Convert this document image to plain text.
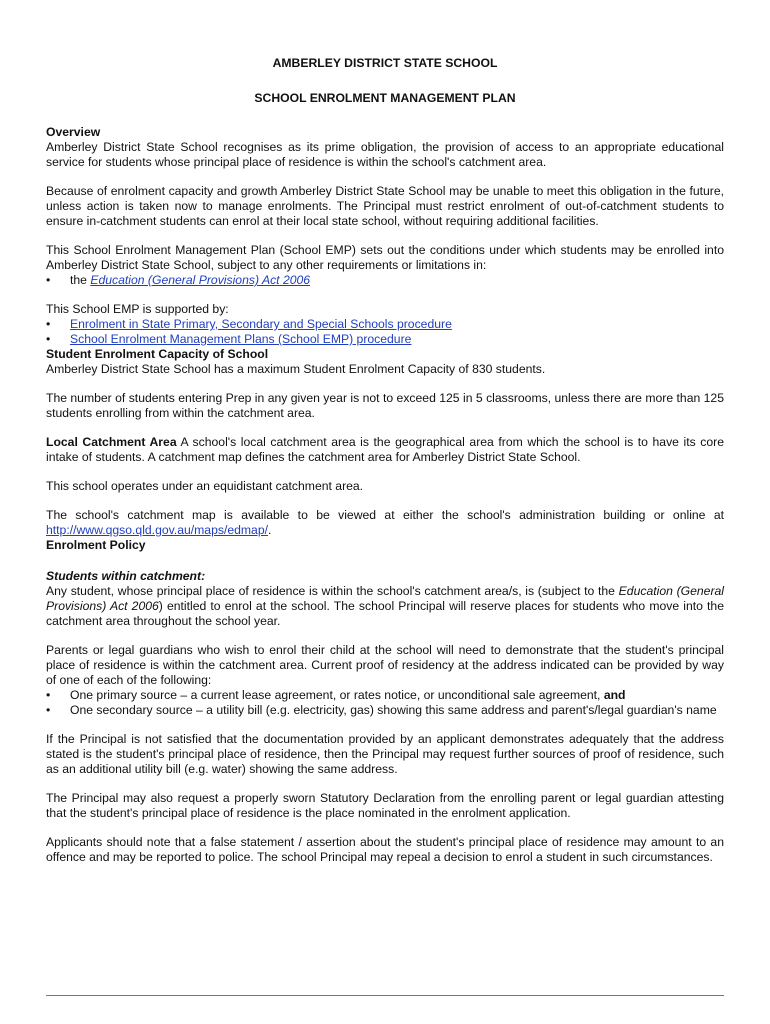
AMBERLEY DISTRICT STATE SCHOOL

SCHOOL ENROLMENT MANAGEMENT PLAN

Overview

Amberley District State School recognises as its prime obligation, the provision of access to an appropriate educational service for students whose principal place of residence is within the school's catchment area.

Because of enrolment capacity and growth Amberley District State School may be unable to meet this obligation in the future, unless action is taken now to manage enrolments. The Principal must restrict enrolment of out-of-catchment students to ensure in-catchment students can enrol at their local state school, without requiring additional facilities.

This School Enrolment Management Plan (School EMP) sets out the conditions under which students may be enrolled into Amberley District State School, subject to any other requirements or limitations in:

• the Education (General Provisions) Act 2006

This School EMP is supported by:

• Enrolment in State Primary, Secondary and Special Schools procedure
• School Enrolment Management Plans (School EMP) procedure

Student Enrolment Capacity of School

Amberley District State School has a maximum Student Enrolment Capacity of 830 students.

The number of students entering Prep in any given year is not to exceed 125 in 5 classrooms, unless there are more than 125 students enrolling from within the catchment area.

Local Catchment Area A school's local catchment area is the geographical area from which the school is to have its core intake of students. A catchment map defines the catchment area for Amberley District State School.

This school operates under an equidistant catchment area.

The school's catchment map is available to be viewed at either the school's administration building or online at http://www.qgso.qld.gov.au/maps/edmap/.

Enrolment Policy

Students within catchment:

Any student, whose principal place of residence is within the school's catchment area/s, is (subject to the Education (General Provisions) Act 2006) entitled to enrol at the school. The school Principal will reserve places for students who move into the catchment area throughout the school year.

Parents or legal guardians who wish to enrol their child at the school will need to demonstrate that the student's principal place of residence is within the catchment area. Current proof of residency at the address indicated can be provided by way of one of each of the following:

• One primary source – a current lease agreement, or rates notice, or unconditional sale agreement, and
• One secondary source – a utility bill (e.g. electricity, gas) showing this same address and parent's/legal guardian's name

If the Principal is not satisfied that the documentation provided by an applicant demonstrates adequately that the address stated is the student's principal place of residence, then the Principal may request further sources of proof of residence, such as an additional utility bill (e.g. water) showing the same address.

The Principal may also request a properly sworn Statutory Declaration from the enrolling parent or legal guardian attesting that the student's principal place of residence is the place nominated in the enrolment application.

Applicants should note that a false statement / assertion about the student's principal place of residence may amount to an offence and may be reported to police. The school Principal may repeal a decision to enrol a student in such circumstances.
